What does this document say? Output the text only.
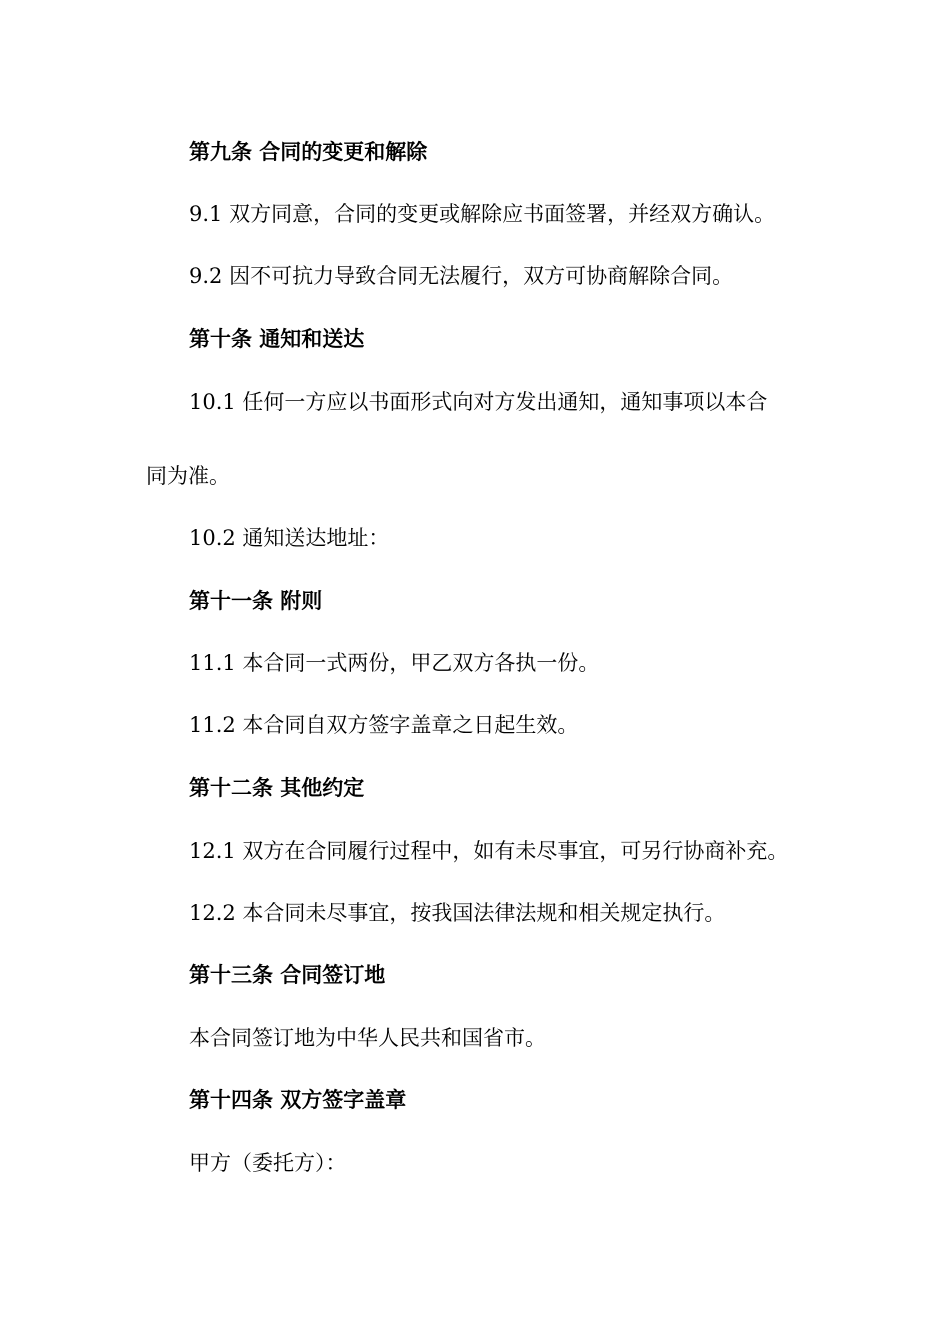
第九条 合同的变更和解除
9.1 双方同意，合同的变更或解除应书面签署，并经双方确认。
9.2 因不可抗力导致合同无法履行，双方可协商解除合同。
第十条 通知和送达
10.1 任何一方应以书面形式向对方发出通知，通知事项以本合
同为准。
10.2 通知送达地址：
第十一条 附则
11.1 本合同一式两份，甲乙双方各执一份。
11.2 本合同自双方签字盖章之日起生效。
第十二条 其他约定
12.1 双方在合同履行过程中，如有未尽事宜，可另行协商补充。
12.2 本合同未尽事宜，按我国法律法规和相关规定执行。
第十三条 合同签订地
本合同签订地为中华人民共和国省市。
第十四条 双方签字盖章
甲方（委托方）：
